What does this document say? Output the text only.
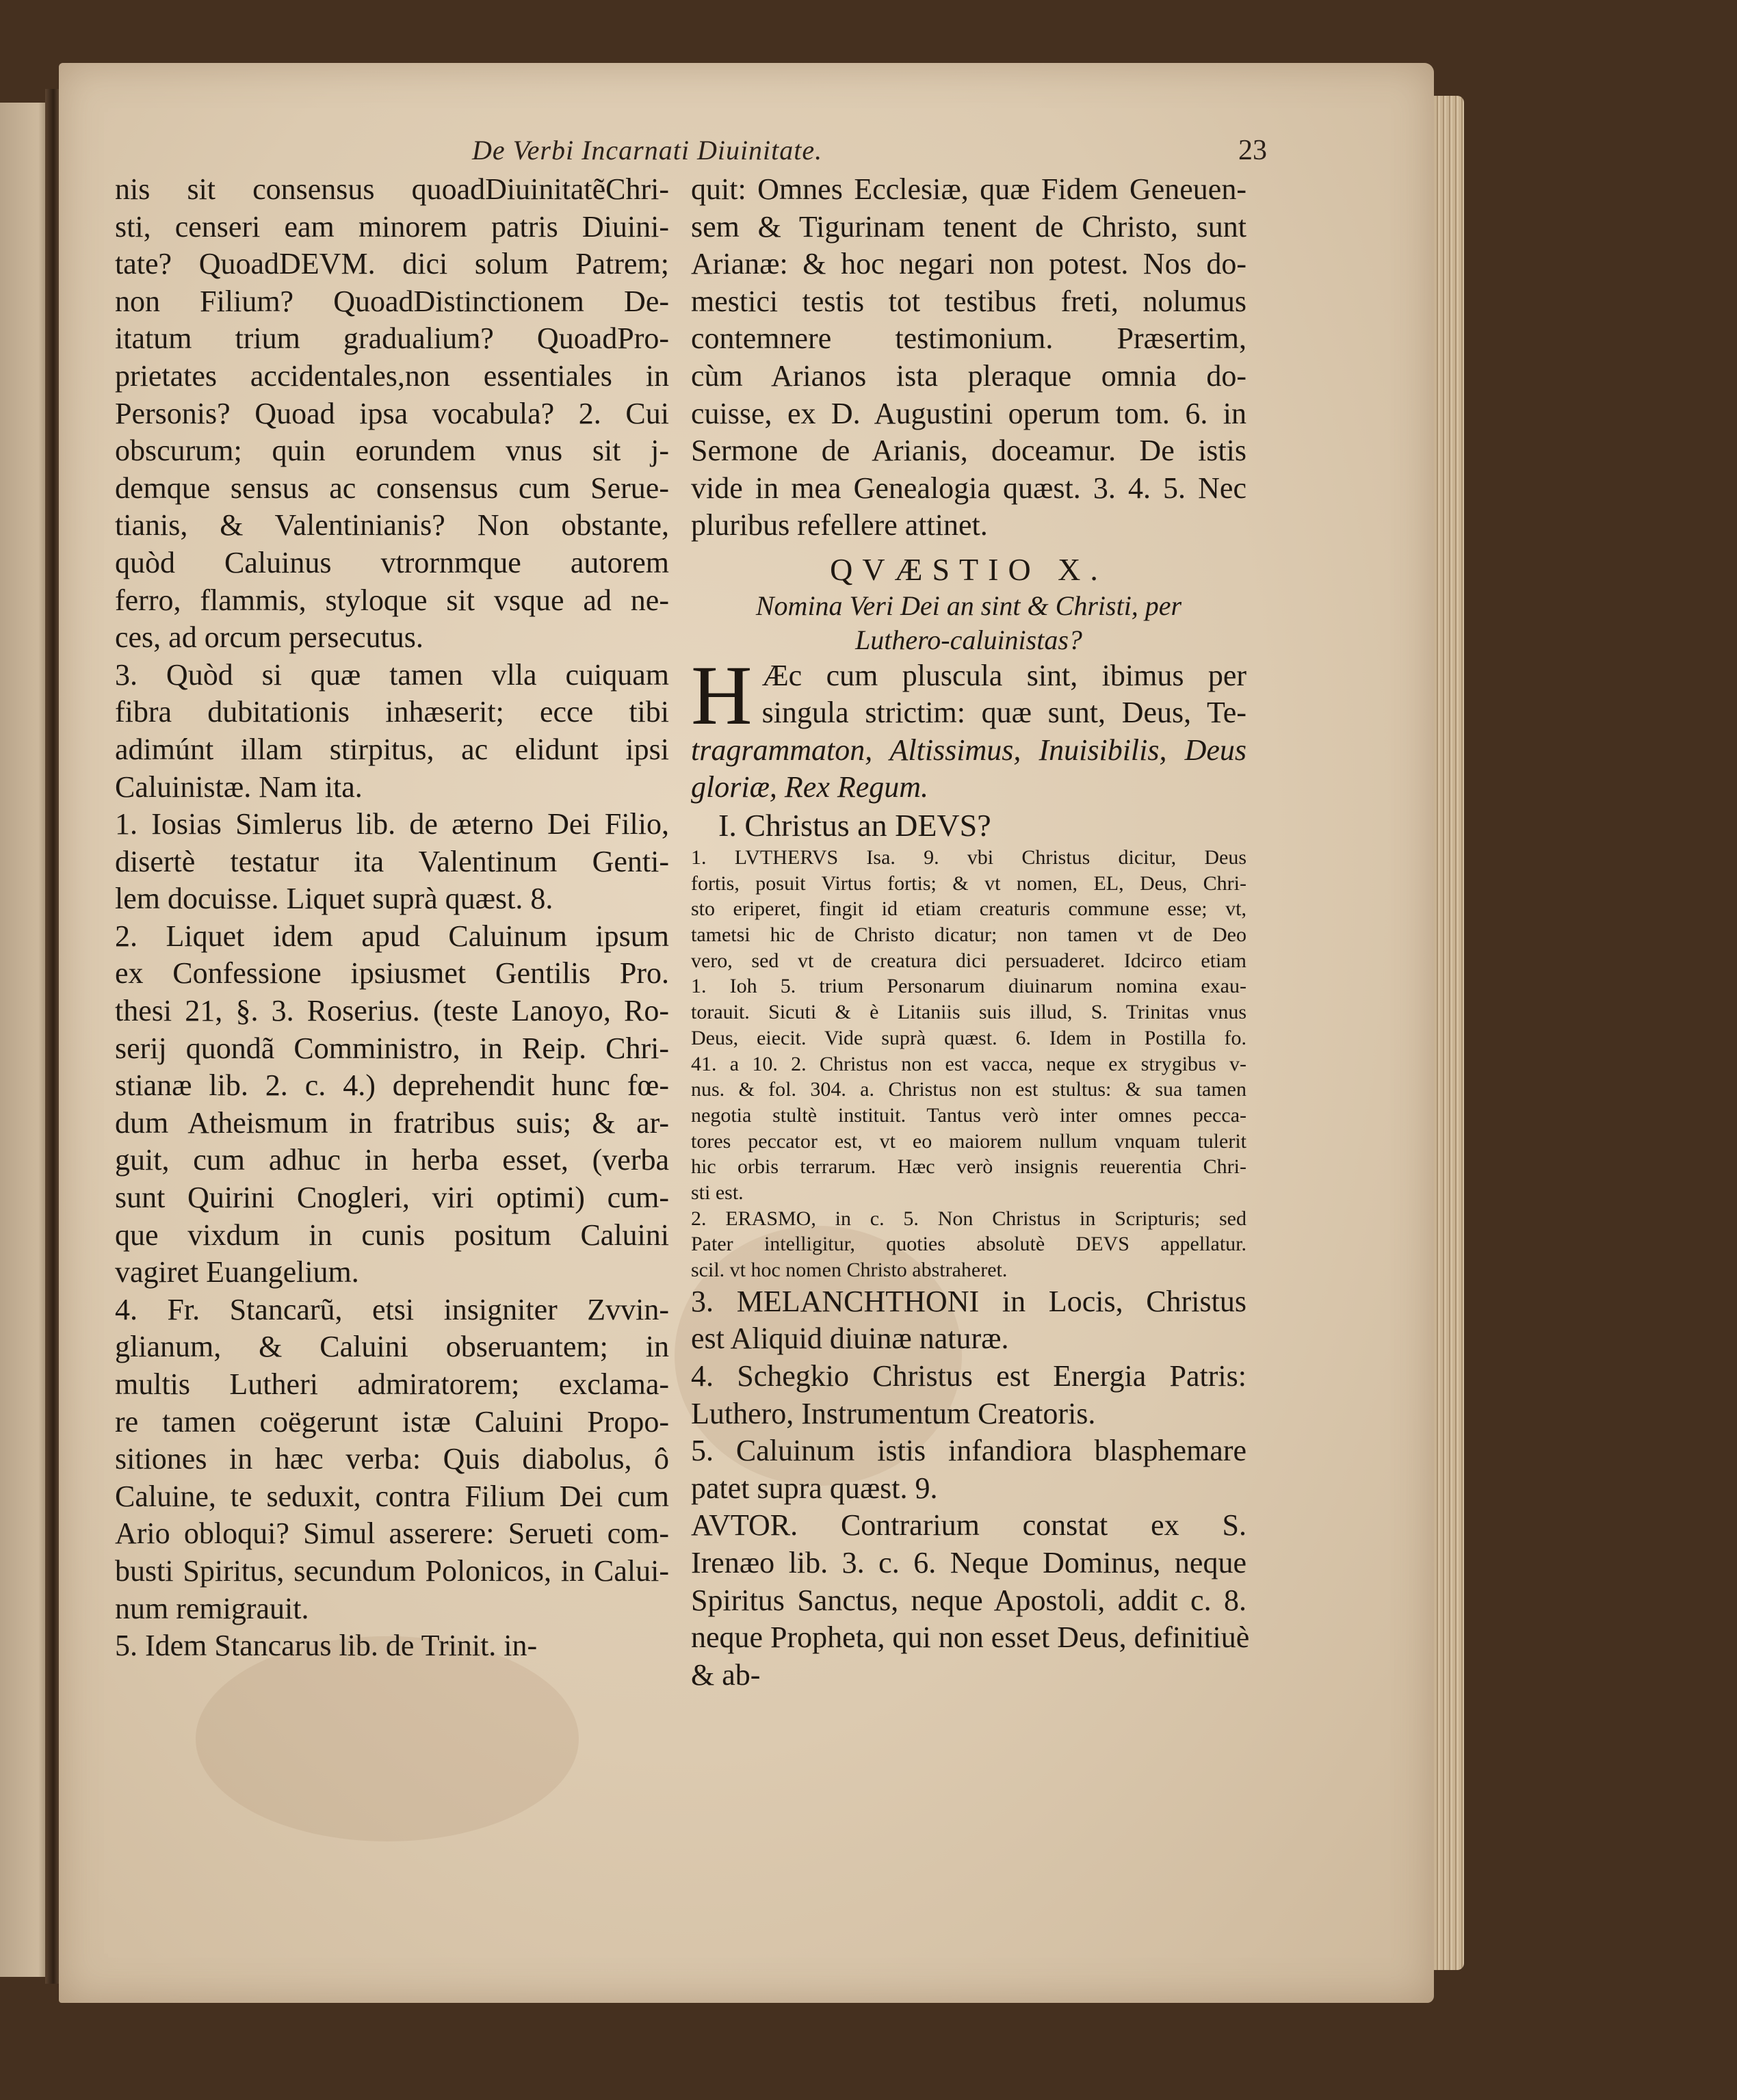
De Verbi Incarnati Diuinitate.	23
nis sit consensus quoadDiuinitatẽChri-
sti, censeri eam minorem patris Diuini-
tate? QuoadDEVM. dici solum Patrem;
non Filium? QuoadDistinctionem De-
itatum trium gradualium? QuoadPro-
prietates accidentales,non essentiales in
Personis? Quoad ipsa vocabula? 2. Cui
obscurum; quin eorundem vnus sit j-
demque sensus ac consensus cum Serue-
tianis, & Valentinianis? Non obstante,
quòd Caluinus vtrornmque autorem
ferro, flammis, styloque sit vsque ad ne-
ces, ad orcum persecutus.
3. Quòd si quæ tamen vlla cuiquam
fibra dubitationis inhæserit; ecce tibi
adimúnt illam stirpitus, ac elidunt ipsi
Caluinistæ. Nam ita.
1. Iosias Simlerus lib. de æterno Dei Filio,
disertè testatur ita Valentinum Genti-
lem docuisse. Liquet suprà quæst. 8.
2. Liquet idem apud Caluinum ipsum
ex Confessione ipsiusmet Gentilis Pro.
thesi 21, §. 3. Roserius. (teste Lanoyo, Ro-
serij quondã Comministro, in Reip. Chri-
stianæ lib. 2. c. 4.) deprehendit hunc fœ-
dum Atheismum in fratribus suis; & ar-
guit, cum adhuc in herba esset, (verba
sunt Quirini Cnogleri, viri optimi) cum-
que vixdum in cunis positum Caluini
vagiret Euangelium.
4. Fr. Stancarũ, etsi insigniter Zvvin-
glianum, & Caluini obseruantem; in
multis Lutheri admiratorem; exclama-
re tamen coëgerunt istæ Caluini Propo-
sitiones in hæc verba: Quis diabolus, ô
Caluine, te seduxit, contra Filium Dei cum
Ario obloqui? Simul asserere: Serueti com-
busti Spiritus, secundum Polonicos, in Calui-
num remigrauit.
5. Idem Stancarus lib. de Trinit. in-
quit: Omnes Ecclesiæ, quæ Fidem Geneuen-
sem & Tigurinam tenent de Christo, sunt
Arianæ: & hoc negari non potest. Nos do-
mestici testis tot testibus freti, nolumus
contemnere testimonium. Præsertim,
cùm Arianos ista pleraque omnia do-
cuisse, ex D. Augustini operum tom. 6. in
Sermone de Arianis, doceamur. De istis
vide in mea Genealogia quæst. 3. 4. 5. Nec
pluribus refellere attinet.
QVÆSTIO X.
Nomina Veri Dei an sint & Christi, per
Luthero-caluinistas?
H Æc cum pluscula sint, ibimus per
singula strictim: quæ sunt, Deus, Te-
tragrammaton, Altissimus, Inuisibilis, Deus
gloriæ, Rex Regum.
I. Christus an DEVS?
1. LVTHERVS Isa. 9. vbi Christus dicitur, Deus
fortis, posuit Virtus fortis; & vt nomen, EL, Deus, Chri-
sto eriperet, fingit id etiam creaturis commune esse; vt,
tametsi hic de Christo dicatur; non tamen vt de Deo
vero, sed vt de creatura dici persuaderet. Idcirco etiam
1. Ioh 5. trium Personarum diuinarum nomina exau-
torauit. Sicuti & è Litaniis suis illud, S. Trinitas vnus
Deus, eiecit. Vide suprà quæst. 6. Idem in Postilla fo.
41. a 10. 2. Christus non est vacca, neque ex strygibus v-
nus. & fol. 304. a. Christus non est stultus: & sua tamen
negotia stultè instituit. Tantus verò inter omnes pecca-
tores peccator est, vt eo maiorem nullum vnquam tulerit
hic orbis terrarum. Hæc verò insignis reuerentia Chri-
sti est.
2. ERASMO, in c. 5. Non Christus in Scripturis; sed
Pater intelligitur, quoties absolutè DEVS appellatur.
scil. vt hoc nomen Christo abstraheret.
3. MELANCHTHONI in Locis, Christus
est Aliquid diuinæ naturæ.
4. Schegkio Christus est Energia Patris:
Luthero, Instrumentum Creatoris.
5. Caluinum istis infandiora blasphemare
patet supra quæst. 9.
AVTOR. Contrarium constat ex S.
Irenæo lib. 3. c. 6. Neque Dominus, neque
Spiritus Sanctus, neque Apostoli, addit c. 8.
neque Propheta, qui non esset Deus, definitiuè
& ab-
